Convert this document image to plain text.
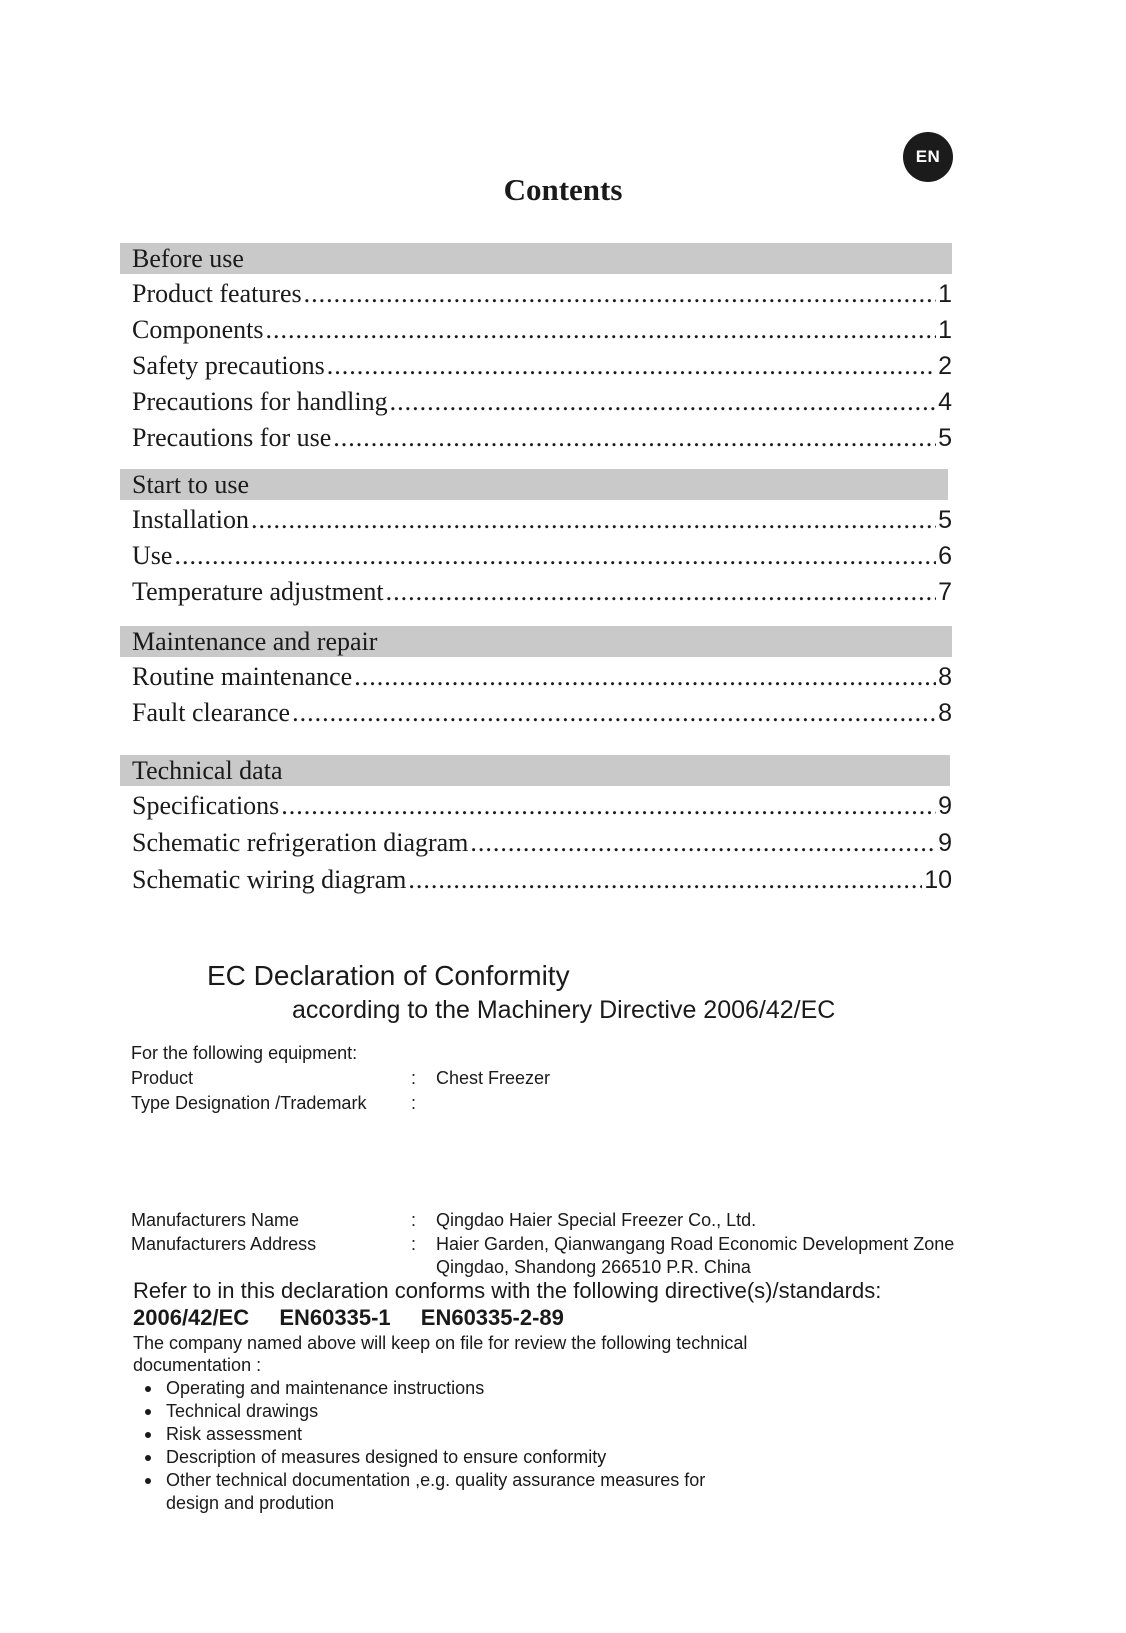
EN
Contents
Before use
Product features .....	1
Components .....	1
Safety precautions .....	2
Precautions for handling .....	4
Precautions for use .....	5
Start to use
Installation .....	5
Use .....	6
Temperature adjustment .....	7
Maintenance and repair
Routine maintenance .....	8
Fault clearance .....	8
Technical data
Specifications .....	9
Schematic refrigeration diagram .....	9
Schematic wiring diagram .....	10
EC Declaration of Conformity
according to the Machinery Directive 2006/42/EC
For the following equipment:
Product	: Chest Freezer
Type Designation /Trademark :
Manufacturers Name	: Qingdao Haier Special Freezer Co., Ltd.
Manufacturers Address	: Haier Garden, Qianwangang Road Economic Development Zone
Qingdao, Shandong 266510 P.R. China
Refer to in this declaration conforms with the following directive(s)/standards:
2006/42/EC EN60335-1 EN60335-2-89
The company named above will keep on file for review the following technical documentation :
Operating and maintenance instructions
Technical drawings
Risk assessment
Description of measures designed to ensure conformity
Other technical documentation ,e.g. quality assurance measures for
design and prodution
